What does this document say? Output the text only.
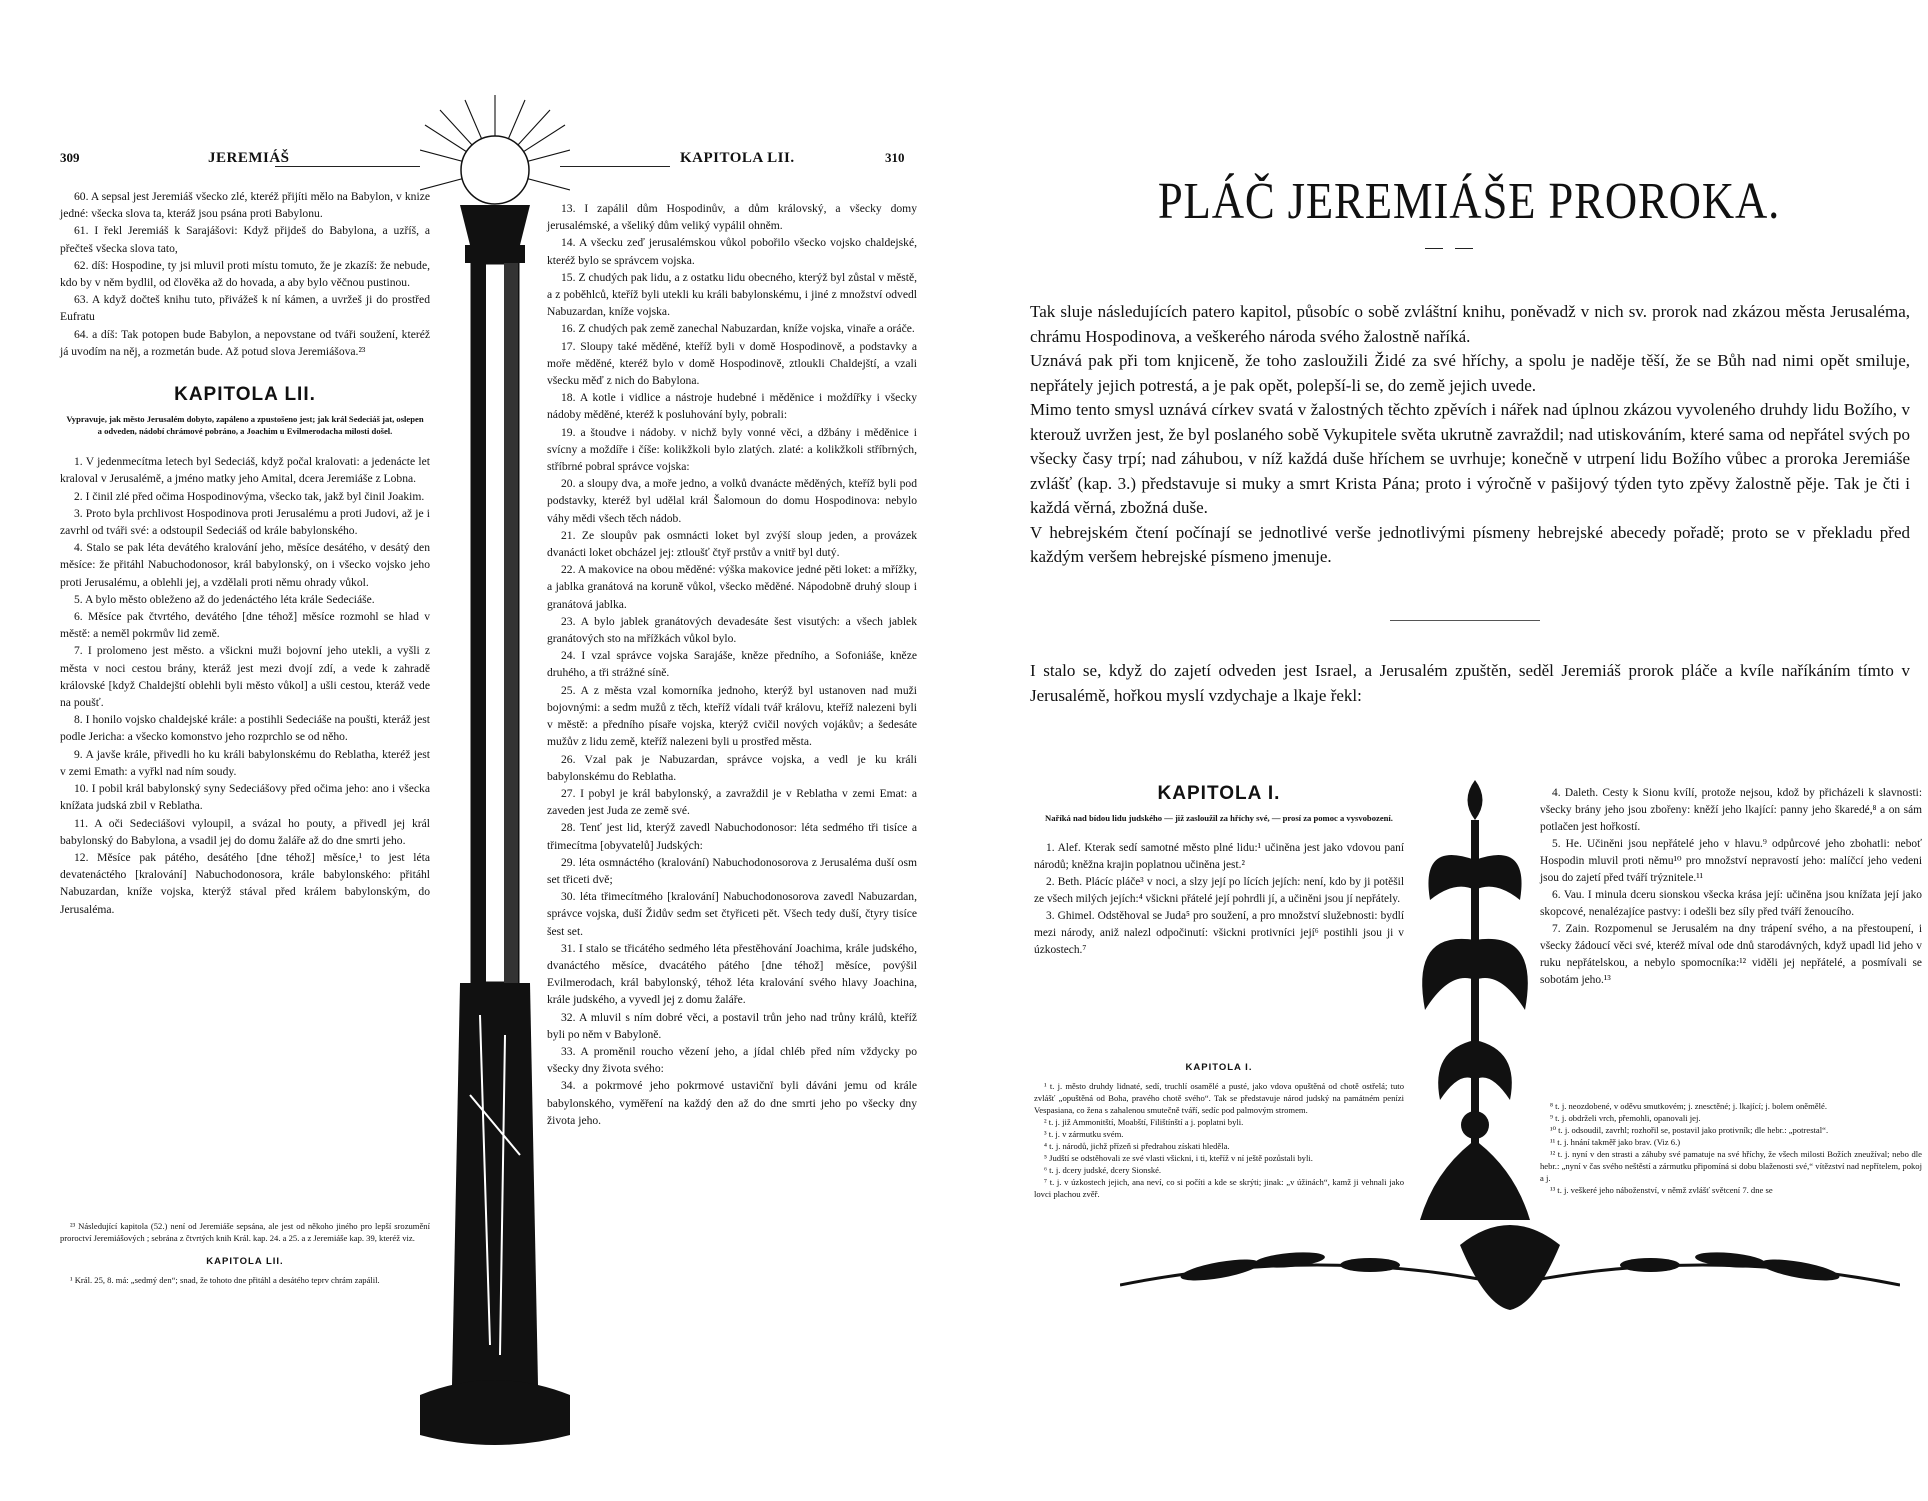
309	JEREMIÁŠ	KAPITOLA LII.	310

60. A sepsal jest Jeremiáš všecko zlé, kteréž přijíti mělo na Babylon, v knize jedné: všecka slova ta, kteráž jsou psána proti Babylonu.

61. I řekl Jeremiáš k Sarajášovi: Když přijdeš do Babylona, a uzříš, a přečteš všecka slova tato,

62. díš: Hospodine, ty jsi mluvil proti místu tomuto, že je zkazíš: že nebude, kdo by v něm bydlil, od člověka až do hovada, a aby bylo věčnou pustinou.

63. A když dočteš knihu tuto, přivážeš k ní kámen, a uvržeš ji do prostřed Eufratu

64. a díš: Tak potopen bude Babylon, a nepovstane od tváři soužení, kteréž já uvodím na něj, a rozmetán bude. Až potud slova Jeremiášova.²³

KAPITOLA LII.
Vypravuje, jak město Jerusalém dobyto, zapáleno a zpustošeno jest; jak král Sedeciáš jat, oslepen a odveden, nádobí chrámové pobráno, a Joachim u Evilmerodacha milosti došel.

1. V jedenmecítma letech byl Sedeciáš, když počal kralovati: a jedenácte let kraloval v Jerusalémě, a jméno matky jeho Amital, dcera Jeremiáše z Lobna.

2. I činil zlé před očima Hospodinovýma, všecko tak, jakž byl činil Joakim.

3. Proto byla prchlivost Hospodinova proti Jerusalému a proti Judovi, až je i zavrhl od tváři své: a odstoupil Sedeciáš od krále babylonského.

4. Stalo se pak léta devátého kralování jeho, měsíce desátého, v desátý den měsíce: že přitáhl Nabuchodonosor, král babylonský, on i všecko vojsko jeho proti Jerusalému, a oblehli jej, a vzdělali proti němu ohrady vůkol.

5. A bylo město obleženo až do jedenáctého léta krále Sedeciáše.

6. Měsíce pak čtvrtého, devátého [dne téhož] měsíce rozmohl se hlad v městě: a neměl pokrmův lid země.

7. I prolomeno jest město. a všickni muži bojovní jeho utekli, a vyšli z města v noci cestou brány, kteráž jest mezi dvojí zdí, a vede k zahradě královské [když Chaldejští oblehli byli město vůkol] a ušli cestou, kteráž vede na poušť.

8. I honilo vojsko chaldejské krále: a postihli Sedeciáše na poušti, kteráž jest podle Jericha: a všecko komonstvo jeho rozprchlo se od něho.

9. A javše krále, přivedli ho ku králi babylonskému do Reblatha, kteréž jest v zemi Emath: a vyřkl nad ním soudy.

10. I pobil král babylonský syny Sedeciášovy před očima jeho: ano i všecka knížata judská zbil v Reblatha.

11. A oči Sedeciášovi vyloupil, a svázal ho pouty, a přivedl jej král babylonský do Babylona, a vsadil jej do domu žaláře až do dne smrti jeho.

12. Měsíce pak pátého, desátého [dne téhož] měsíce,¹ to jest léta devatenáctého [kralování] Nabuchodonosora, krále babylonského: přitáhl Nabuzardan, kníže vojska, kterýž stával před králem babylonským, do Jerusaléma.

²³ Následující kapitola (52.) není od Jeremiáše sepsána, ale jest od někoho jiného pro lepší srozumění proroctví Jeremiášových ; sebrána z čtvrtých knih Král. kap. 24. a 25. a z Jeremiáše kap. 39, kteréž viz.

KAPITOLA LII.

¹ Král. 25, 8. má: „sedmý den“; snad, že tohoto dne přitáhl a desátého teprv chrám zapálil.

13. I zapálil dům Hospodinův, a dům královský, a všecky domy jerusalémské, a všeliký dům veliký vypálil ohněm.

14. A všecku zeď jerusalémskou vůkol pobořilo všecko vojsko chaldejské, kteréž bylo se správcem vojska.

15. Z chudých pak lidu, a z ostatku lidu obecného, kterýž byl zůstal v městě, a z poběhlců, kteříž byli utekli ku králi babylonskému, i jiné z množství odvedl Nabuzardan, kníže vojska.

16. Z chudých pak země zanechal Nabuzardan, kníže vojska, vinaře a oráče.

17. Sloupy také měděné, kteříž byli v domě Hospodinově, a podstavky a moře měděné, kteréž bylo v domě Hospodinově, ztloukli Chaldejští, a vzali všecku měď z nich do Babylona.

18. A kotle i vidlice a nástroje hudebné i měděnice i moždířky i všecky nádoby měděné, kteréž k posluhování byly, pobrali:

19. a štoudve i nádoby. v nichž byly vonné věci, a džbány i měděnice i svícny a moždíře i číše: kolikžkoli bylo zlatých. zlaté: a kolikžkoli stříbrných, stříbrné pobral správce vojska:

20. a sloupy dva, a moře jedno, a volků dvanácte měděných, kteříž byli pod podstavky, kteréž byl udělal král Šalomoun do domu Hospodinova: nebylo váhy mědi všech těch nádob.

21. Ze sloupův pak osmnácti loket byl zvýší sloup jeden, a provázek dvanácti loket obcházel jej: ztloušť čtyř prstův a vnitř byl dutý.

22. A makovice na obou měděné: výška makovice jedné pěti loket: a mřížky, a jablka granátová na koruně vůkol, všecko měděné. Nápodobně druhý sloup i granátová jablka.

23. A bylo jablek granátových devadesáte šest visutých: a všech jablek granátových sto na mřížkách vůkol bylo.

24. I vzal správce vojska Sarajáše, kněze předního, a Sofoniáše, kněze druhého, a tři strážné síně.

25. A z města vzal komorníka jednoho, kterýž byl ustanoven nad muži bojovnými: a sedm mužů z těch, kteříž vídali tvář královu, kteříž nalezeni byli v městě: a předního písaře vojska, kterýž cvičil nových vojákův; a šedesáte mužův z lidu země, kteříž nalezeni byli u prostřed města.

26. Vzal pak je Nabuzardan, správce vojska, a vedl je ku králi babylonskému do Reblatha.

27. I pobyl je král babylonský, a zavraždil je v Reblatha v zemi Emat: a zaveden jest Juda ze země své.

28. Tenť jest lid, kterýž zavedl Nabuchodonosor: léta sedmého tři tisíce a třimecítma [obyvatelů] Judských:

29. léta osmnáctého (kralování) Nabuchodonosorova z Jerusaléma duší osm set třiceti dvě;

30. léta třimecítmého [kralování] Nabuchodonosorova zavedl Nabuzardan, správce vojska, duší Židův sedm set čtyřiceti pět. Všech tedy duší, čtyry tisíce šest set.

31. I stalo se třicátého sedmého léta přestěhování Joachima, krále judského, dvanáctého měsíce, dvacátého pátého [dne téhož] měsíce, povýšil Evilmerodach, král babylonský, téhož léta kralování svého hlavy Joachina, krále judského, a vyvedl jej z domu žaláře.

32. A mluvil s ním dobré věci, a postavil trůn jeho nad trůny králů, kteříž byli po něm v Babyloně.

33. A proměnil roucho vězení jeho, a jídal chléb před ním vždycky po všecky dny života svého:

34. a pokrmové jeho pokrmové ustavičnï byli dáváni jemu od krále babylonského, vyměření na každý den až do dne smrti jeho po všecky dny života jeho.

PLÁČ JEREMIÁŠE PROROKA.

Tak sluje následujících patero kapitol, působíc o sobě zvláštní knihu, poněvadž v nich sv. prorok nad zkázou města Jerusaléma, chrámu Hospodinova, a veškerého národa svého žalostně naříká.

Uznává pak při tom knjiceně, že toho zasloužili Židé za své hříchy, a spolu je naděje těší, že se Bůh nad nimi opět smiluje, nepřátely jejich potrestá, a je pak opět, polepší-li se, do země jejich uvede.

Mimo tento smysl uznává církev svatá v žalostných těchto zpěvích i nářek nad úplnou zkázou vyvoleného druhdy lidu Božího, v kterouž uvržen jest, že byl poslaného sobě Vykupitele světa ukrutně zavraždil; nad utiskováním, které sama od nepřátel svých po všecky časy trpí; nad záhubou, v níž každá duše hříchem se uvrhuje; konečně v utrpení lidu Božího vůbec a proroka Jeremiáše zvlášť (kap. 3.) představuje si muky a smrt Krista Pána; proto i výročně v pašijový týden tyto zpěvy žalostně pěje. Tak je čti i každá věrná, zbožná duše.

V hebrejském čtení počínají se jednotlivé verše jednotlivými písmeny hebrejské abecedy pořadě; proto se v překladu před každým veršem hebrejské písmeno jmenuje.

I stalo se, když do zajetí odveden jest Israel, a Jerusalém zpuštěn, seděl Jeremiáš prorok pláče a kvíle naříkáním tímto v Jerusalémě, hořkou myslí vzdychaje a lkaje řekl:

KAPITOLA I.
Naříká nad bídou lidu judského — již zasloužil za hříchy své, — prosí za pomoc a vysvobození.

1. Alef. Kterak sedí samotné město plné lidu:¹ učiněna jest jako vdovou paní národů; kněžna krajin poplatnou učiněna jest.²

2. Beth. Plácíc pláče³ v noci, a slzy její po lících jejích: není, kdo by ji potěšil ze všech milých jejích:⁴ všickni přátelé její pohrdli jí, a učiněni jsou jí nepřátely.

3. Ghimel. Odstěhoval se Juda⁵ pro soužení, a pro množství služebnosti: bydlí mezi národy, aniž nalezl odpočinutí: všickni protivníci její⁶ postihli jsou ji v úzkostech.⁷

KAPITOLA I.

¹ t. j. město druhdy lidnaté, sedí, truchlí osamělé a pusté, jako vdova opuštěná od chotě ostřelá; tuto zvlášť „opuštěná od Boha, pravého chotě svého“. Tak se představuje národ judský na památném penízi Vespasiana, co žena s zahalenou smutečně tváří, sedíc pod palmovým stromem.

² t. j. již Ammonitští, Moabští, Filištínští a j. poplatni byli.

³ t. j. v zármutku svém.

⁴ t. j. národů, jichž přízeň si předrahou získati hleděla.

⁵ Judští se odstěhovali ze své vlasti všickni, i ti, kteříž v ní ještě pozůstali byli.

⁶ t. j. dcery judské, dcery Sionské.

⁷ t. j. v úzkostech jejich, ana neví, co si počíti a kde se skrýti; jinak: „v úžinách“, kamž ji vehnali jako lovci plachou zvěř.

4. Daleth. Cesty k Sionu kvílí, protože nejsou, kdož by přicházeli k slavnosti: všecky brány jeho jsou zbořeny: kněží jeho lkající: panny jeho škaredé,⁸ a on sám potlačen jest hořkostí.

5. He. Učiněni jsou nepřátelé jeho v hlavu.⁹ odpůrcové jeho zbohatli: neboť Hospodin mluvil proti němu¹⁰ pro množství nepravostí jeho: malíčcí jeho vedeni jsou do zajetí před tváří trýznitele.¹¹

6. Vau. I minula dceru sionskou všecka krása její: učiněna jsou knížata její jako skopcové, nenalézajíce pastvy: i odešli bez síly před tváří ženoucího.

7. Zain. Rozpomenul se Jerusalém na dny trápení svého, a na přestoupení, i všecky žádoucí věci své, kteréž míval ode dnů starodávných, když upadl lid jeho v ruku nepřátelskou, a nebylo spomocníka:¹² viděli jej nepřátelé, a posmívali se sobotám jeho.¹³

⁸ t. j. neozdobené, v oděvu smutkovém; j. znesctěné; j. lkající; j. bolem oněmělé.

⁹ t. j. obdrželi vrch, přemohli, opanovali jej.

¹⁰ t. j. odsoudil, zavrhl; rozhořil se, postavil jako protivník; dle hebr.: „potrestal“.

¹¹ t. j. hnání takměř jako brav. (Viz 6.)

¹² t. j. nyní v den strasti a záhuby své pamatuje na své hříchy, že všech milosti Božích zneužíval; nebo dle hebr.: „nyní v čas svého neštěstí a zármutku připomíná si dobu blaženosti své,“ vítězství nad nepřítelem, pokoj a j.

¹³ t. j. veškeré jeho náboženství, v němž zvlášť světcení 7. dne se
